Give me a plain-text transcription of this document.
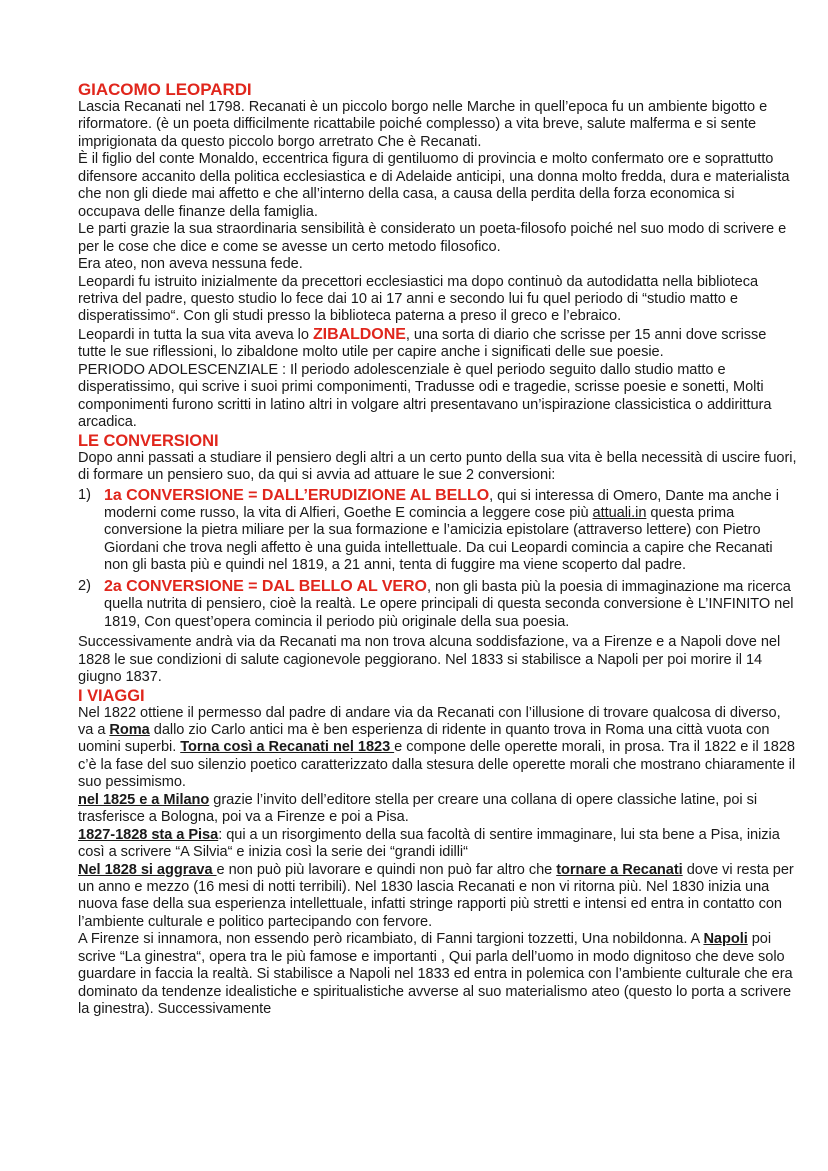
GIACOMO LEOPARDI

Lascia Recanati nel 1798. Recanati è un piccolo borgo nelle Marche in quell’epoca fu un ambiente bigotto e riformatore. (è un poeta difficilmente ricattabile poiché complesso) a vita breve, salute malferma e si sente imprigionata da questo piccolo borgo arretrato Che è Recanati.

È il figlio del conte Monaldo, eccentrica figura di gentiluomo di provincia e molto confermato ore e soprattutto difensore accanito della politica ecclesiastica e di Adelaide anticipi, una donna molto fredda, dura e materialista che non gli diede mai affetto e che all’interno della casa, a causa della perdita della forza economica si occupava delle finanze della famiglia.

Le parti grazie la sua straordinaria sensibilità è considerato un poeta-filosofo poiché nel suo modo di scrivere e per le cose che dice e come se avesse un certo metodo filosofico.

Era ateo, non aveva nessuna fede.

Leopardi fu istruito inizialmente da precettori ecclesiastici ma dopo continuò da autodidatta nella biblioteca retriva del padre, questo studio lo fece dai 10 ai 17 anni e secondo lui fu quel periodo di “studio matto e disperatissimo“. Con gli studi presso la biblioteca paterna a preso il greco e l’ebraico.

Leopardi in tutta la sua vita aveva lo ZIBALDONE, una sorta di diario che scrisse per 15 anni dove scrisse tutte le sue riflessioni, lo zibaldone molto utile per capire anche i significati delle sue poesie.

PERIODO ADOLESCENZIALE : Il periodo adolescenziale è quel periodo seguito dallo studio matto e disperatissimo, qui scrive i suoi primi componimenti, Tradusse odi e tragedie, scrisse poesie e sonetti, Molti componimenti furono scritti in latino altri in volgare altri presentavano un’ispirazione classicistica o addirittura arcadica.

LE CONVERSIONI

Dopo anni passati a studiare il pensiero degli altri a un certo punto della sua vita è bella necessità di uscire fuori, di formare un pensiero suo, da qui si avvia ad attuare le sue 2 conversioni:

1) 1a CONVERSIONE = DALL’ERUDIZIONE AL BELLO, qui si interessa di Omero, Dante ma anche i moderni come russo, la vita di Alfieri, Goethe E comincia a leggere cose più attuali.in questa prima conversione la pietra miliare per la sua formazione e l’amicizia epistolare (attraverso lettere) con Pietro Giordani che trova negli affetto è una guida intellettuale. Da cui Leopardi comincia a capire che Recanati non gli basta più e quindi nel 1819, a 21 anni, tenta di fuggire ma viene scoperto dal padre.
2) 2a CONVERSIONE = DAL BELLO AL VERO, non gli basta più la poesia di immaginazione ma ricerca quella nutrita di pensiero, cioè la realtà. Le opere principali di questa seconda conversione è L’INFINITO nel 1819, Con quest’opera comincia il periodo più originale della sua poesia.

Successivamente andrà via da Recanati ma non trova alcuna soddisfazione, va a Firenze e a Napoli dove nel 1828 le sue condizioni di salute cagionevole peggiorano. Nel 1833 si stabilisce a Napoli per poi morire il 14 giugno 1837.

I VIAGGI

Nel 1822 ottiene il permesso dal padre di andare via da Recanati con l’illusione di trovare qualcosa di diverso, va a Roma dallo zio Carlo antici ma è ben esperienza di ridente in quanto trova in Roma una città vuota con uomini superbi. Torna così a Recanati nel 1823 e compone delle operette morali, in prosa. Tra il 1822 e il 1828 c’è la fase del suo silenzio poetico caratterizzato dalla stesura delle operette morali che mostrano chiaramente il suo pessimismo.

nel 1825 e a Milano grazie l’invito dell’editore stella per creare una collana di opere classiche latine, poi si trasferisce a Bologna, poi va a Firenze e poi a Pisa.

1827-1828 sta a Pisa: qui a un risorgimento della sua facoltà di sentire immaginare, lui sta bene a Pisa, inizia così a scrivere “A Silvia“ e inizia così la serie dei “grandi idilli“

Nel 1828 si aggrava e non può più lavorare e quindi non può far altro che tornare a Recanati dove vi resta per un anno e mezzo (16 mesi di notti terribili). Nel 1830 lascia Recanati e non vi ritorna più. Nel 1830 inizia una nuova fase della sua esperienza intellettuale, infatti stringe rapporti più stretti e intensi ed entra in contatto con l’ambiente culturale e politico partecipando con fervore.

A Firenze si innamora, non essendo però ricambiato, di Fanni targioni tozzetti, Una nobildonna. A Napoli poi scrive “La ginestra“, opera tra le più famose e importanti , Qui parla dell’uomo in modo dignitoso che deve solo guardare in faccia la realtà. Si stabilisce a Napoli nel 1833 ed entra in polemica con l’ambiente culturale che era dominato da tendenze idealistiche e spiritualistiche avverse al suo materialismo ateo (questo lo porta a scrivere la ginestra). Successivamente
